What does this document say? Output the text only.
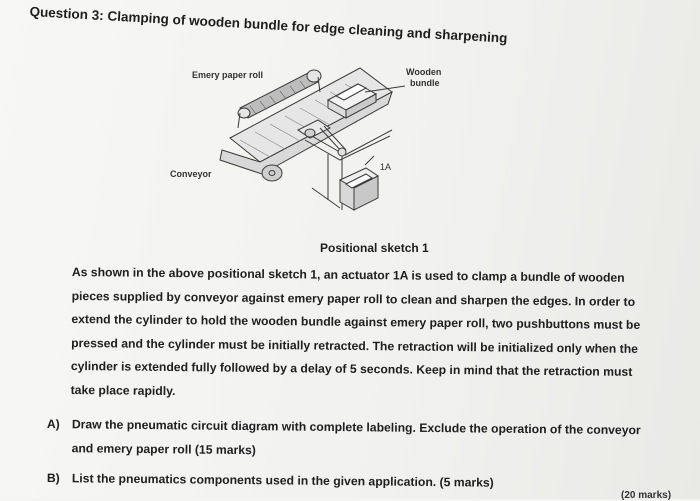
Question 3: Clamping of wooden bundle for edge cleaning and sharpening
Emery paper roll	Wooden
bundle
Conveyor
1A
Positional sketch 1
As shown in the above positional sketch 1, an actuator 1A is used to clamp a bundle of wooden
pieces supplied by conveyor against emery paper roll to clean and sharpen the edges. In order to
extend the cylinder to hold the wooden bundle against emery paper roll, two pushbuttons must be
pressed and the cylinder must be initially retracted. The retraction will be initialized only when the
cylinder is extended fully followed by a delay of 5 seconds. Keep in mind that the retraction must
take place rapidly.
A) Draw the pneumatic circuit diagram with complete labeling. Exclude the operation of the conveyor
and emery paper roll (15 marks)
B) List the pneumatics components used in the given application. (5 marks)
(20 marks)
